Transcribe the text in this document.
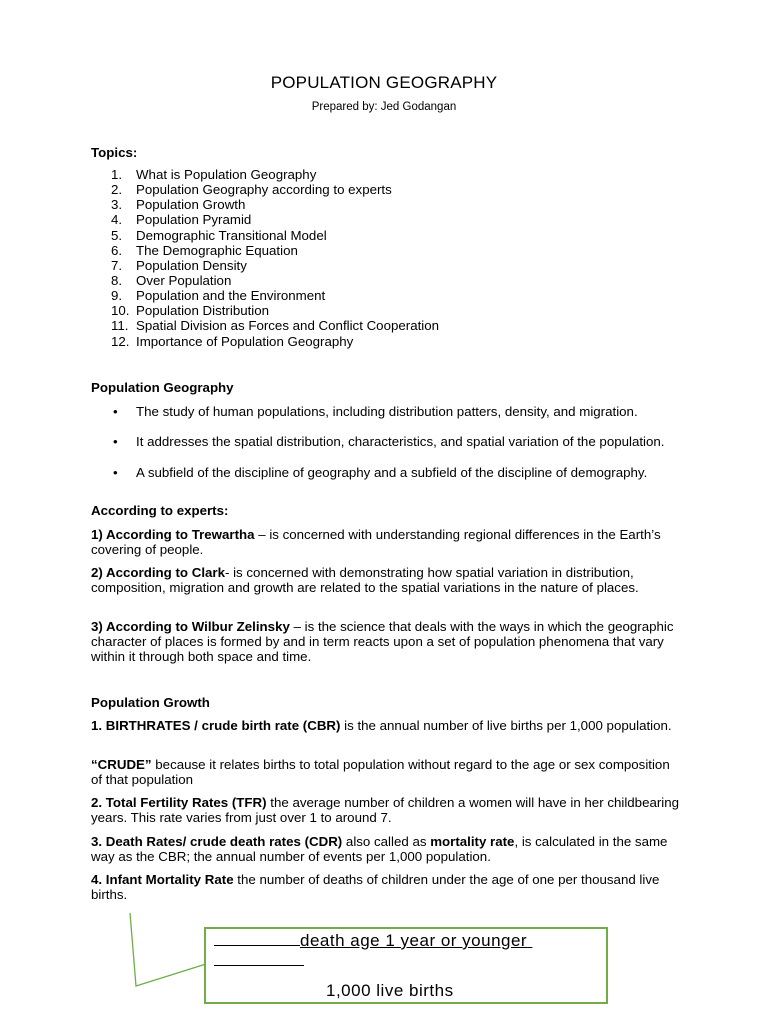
POPULATION GEOGRAPHY
Prepared by: Jed Godangan
Topics:
1.	What is Population Geography
2.	Population Geography according to experts
3.	Population Growth
4.	Population Pyramid
5.	Demographic Transitional Model
6.	The Demographic Equation
7.	Population Density
8.	Over Population
9.	Population and the Environment
10. Population Distribution
11. Spatial Division as Forces and Conflict Cooperation
12. Importance of Population Geography
Population Geography
• The study of human populations, including distribution patters, density, and migration.
• It addresses the spatial distribution, characteristics, and spatial variation of the population.
• A subfield of the discipline of geography and a subfield of the discipline of demography.
According to experts:
1) According to Trewartha – is concerned with understanding regional differences in the Earth’s covering of people.
2) According to Clark- is concerned with demonstrating how spatial variation in distribution, composition, migration and growth are related to the spatial variations in the nature of places.
3) According to Wilbur Zelinsky – is the science that deals with the ways in which the geographic character of places is formed by and in term reacts upon a set of population phenomena that vary within it through both space and time.
Population Growth
1. BIRTHRATES / crude birth rate (CBR) is the annual number of live births per 1,000 population.
“CRUDE” because it relates births to total population without regard to the age or sex composition of that population
2. Total Fertility Rates (TFR) the average number of children a women will have in her childbearing years. This rate varies from just over 1 to around 7.
3. Death Rates/ crude death rates (CDR) also called as mortality rate, is calculated in the same way as the CBR; the annual number of events per 1,000 population.
4. Infant Mortality Rate the number of deaths of children under the age of one per thousand live births.
death age 1 year or younger
1,000 live births
